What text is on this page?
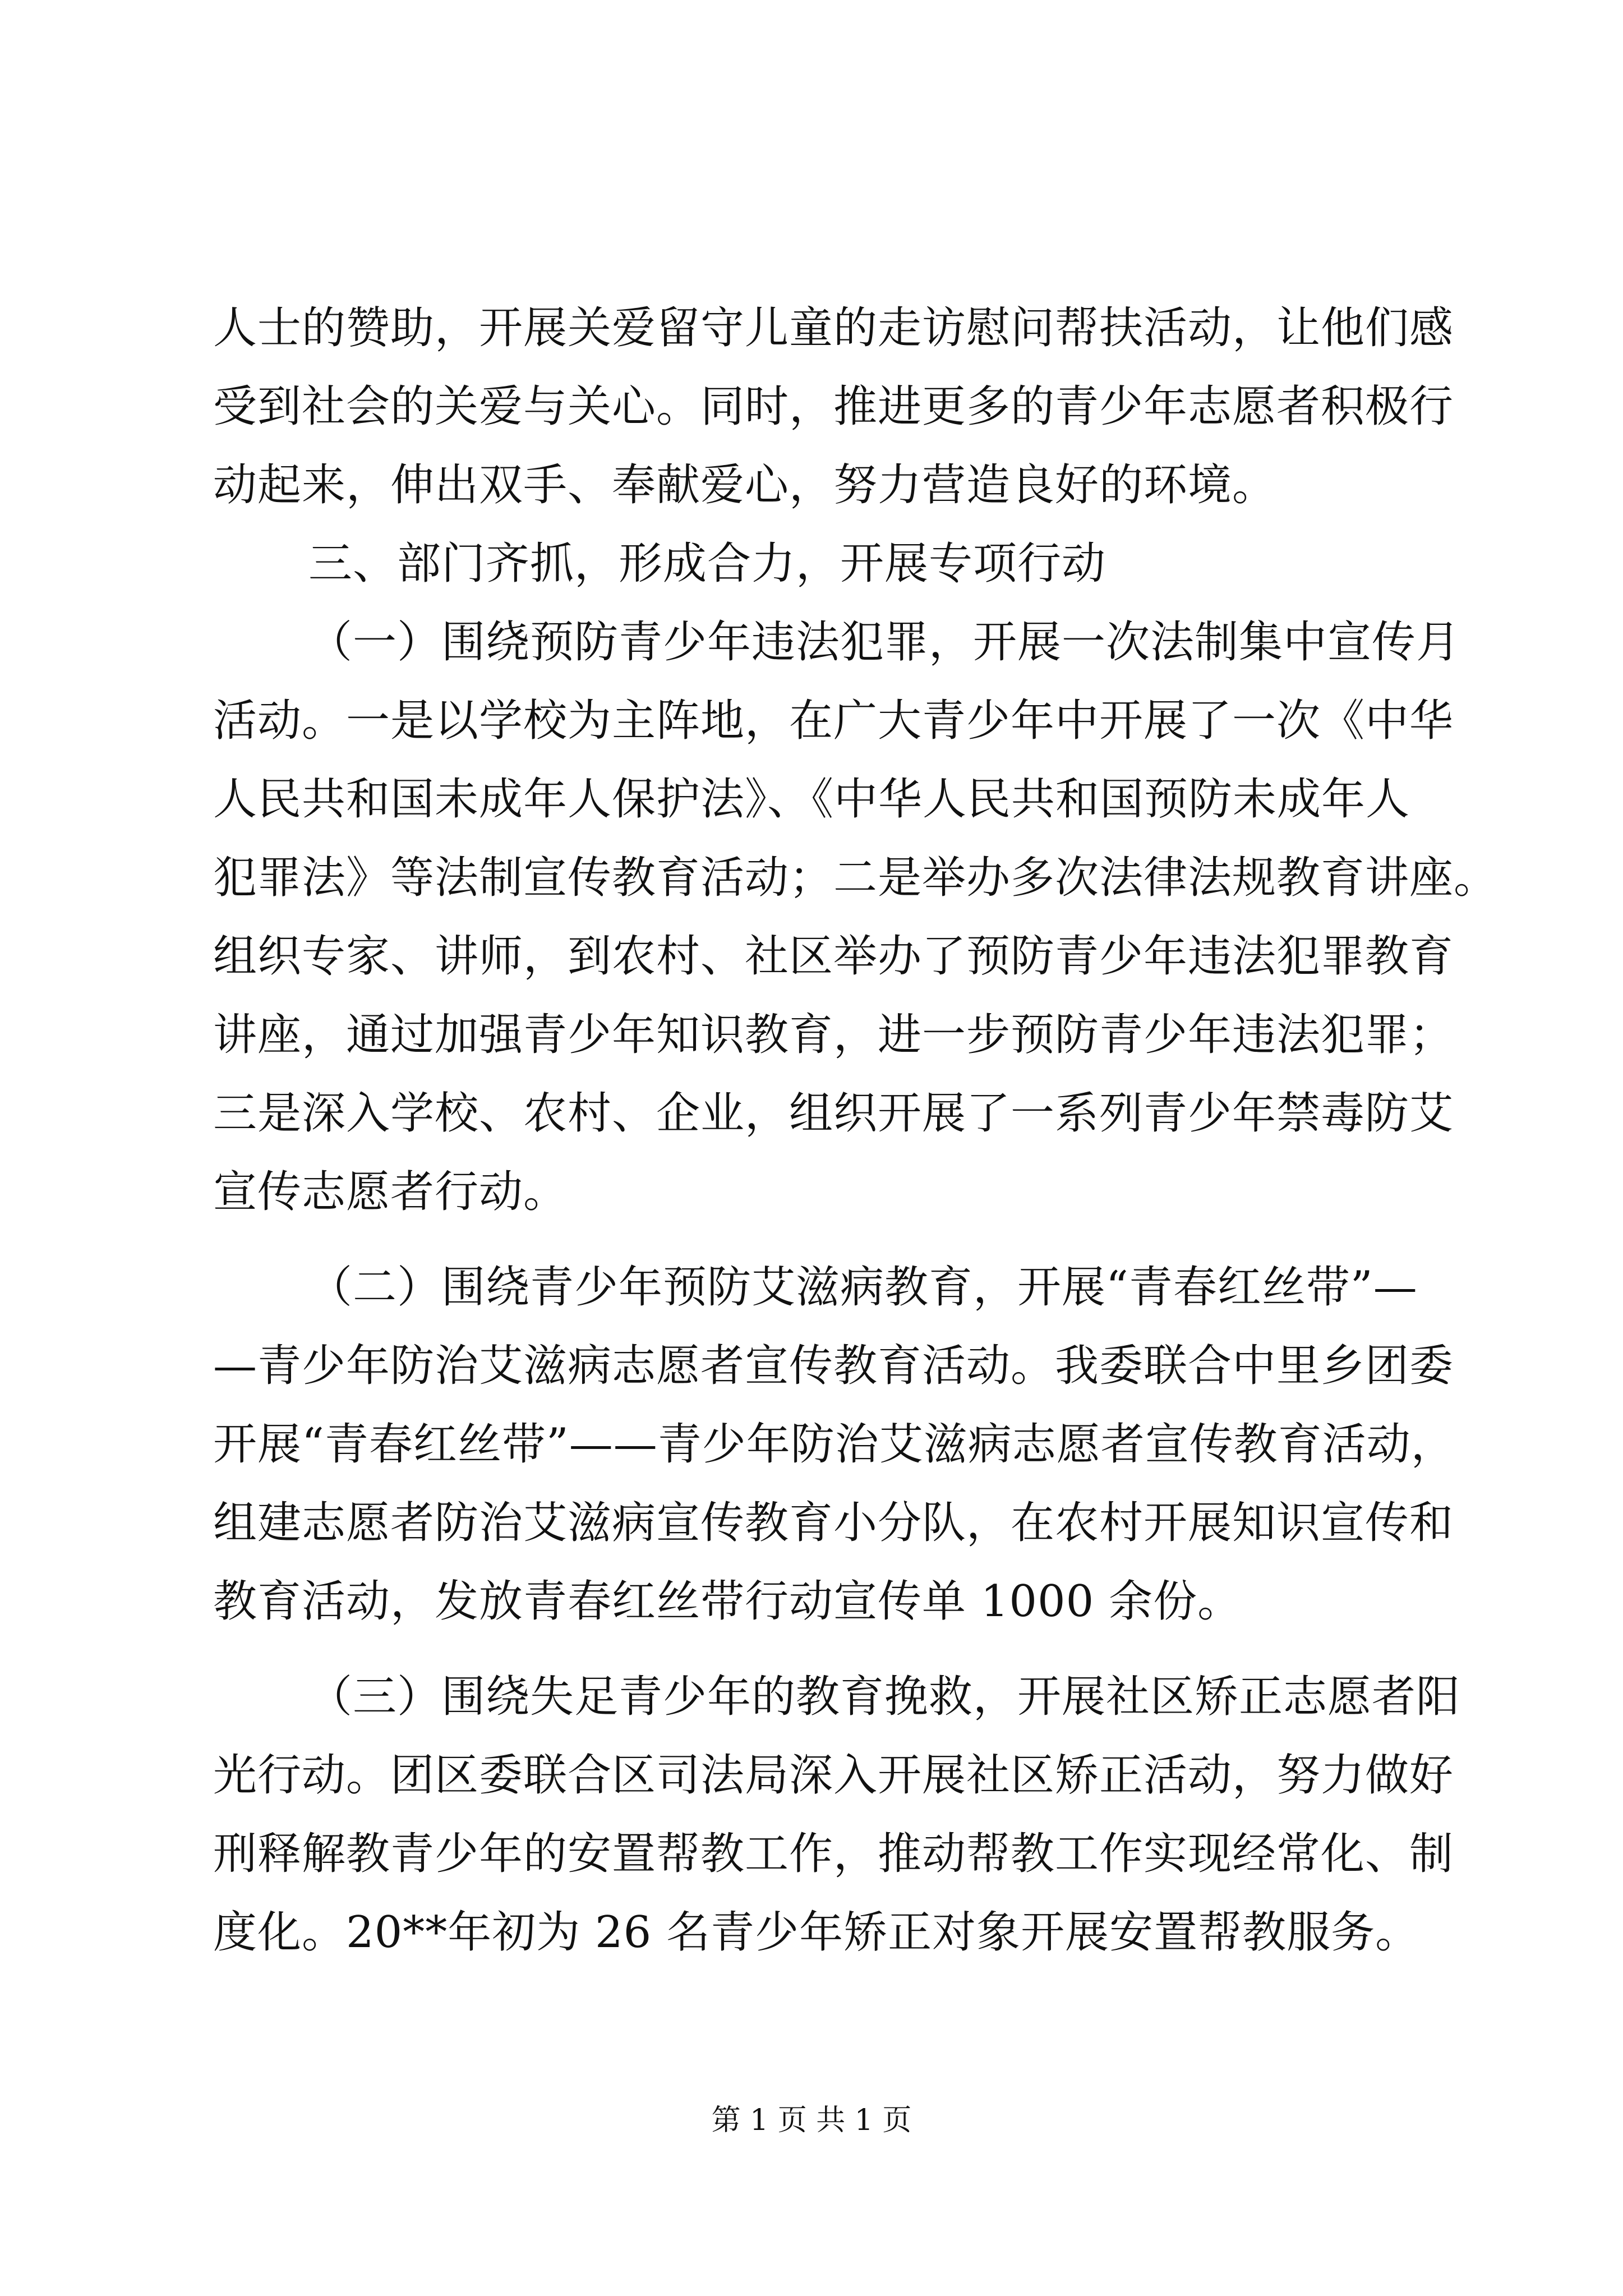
人士的赞助，开展关爱留守儿童的走访慰问帮扶活动，让他们感
受到社会的关爱与关心。同时，推进更多的青少年志愿者积极行
动起来，伸出双手、奉献爱心，努力营造良好的环境。
三、部门齐抓，形成合力，开展专项行动
（一）围绕预防青少年违法犯罪，开展一次法制集中宣传月
活动。一是以学校为主阵地，在广大青少年中开展了一次《中华
人民共和国未成年人保护法》、《中华人民共和国预防未成年人
犯罪法》等法制宣传教育活动；二是举办多次法律法规教育讲座。
组织专家、讲师，到农村、社区举办了预防青少年违法犯罪教育
讲座，通过加强青少年知识教育，进一步预防青少年违法犯罪；
三是深入学校、农村、企业，组织开展了一系列青少年禁毒防艾
宣传志愿者行动。
（二）围绕青少年预防艾滋病教育，开展“青春红丝带”—
—青少年防治艾滋病志愿者宣传教育活动。我委联合中里乡团委
开展“青春红丝带”——青少年防治艾滋病志愿者宣传教育活动，
组建志愿者防治艾滋病宣传教育小分队，在农村开展知识宣传和
教育活动，发放青春红丝带行动宣传单 1000 余份。
（三）围绕失足青少年的教育挽救，开展社区矫正志愿者阳
光行动。团区委联合区司法局深入开展社区矫正活动，努力做好
刑释解教青少年的安置帮教工作，推动帮教工作实现经常化、制
度化。20**年初为 26 名青少年矫正对象开展安置帮教服务。
第 1 页 共 1 页
